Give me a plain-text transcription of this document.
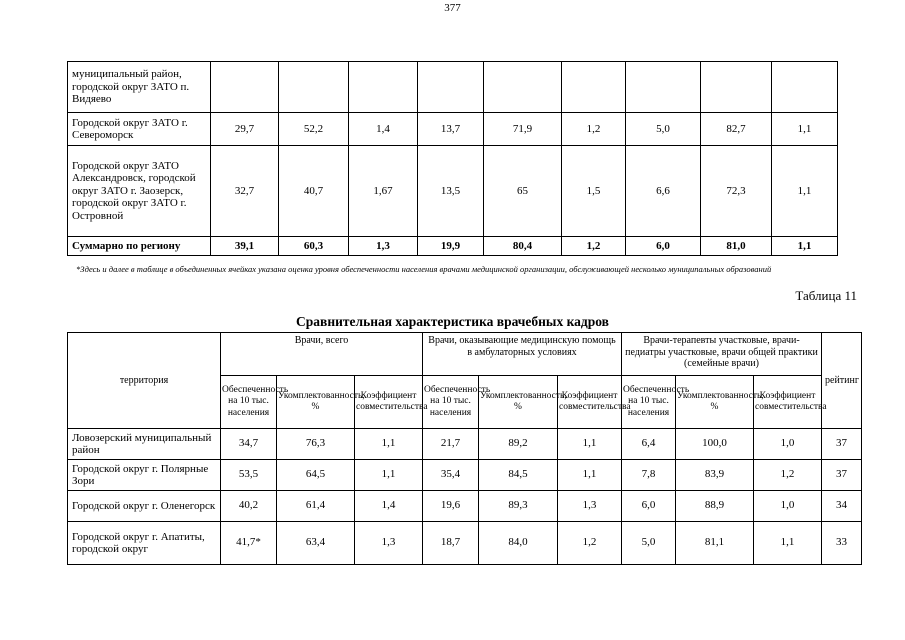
377
муниципальный район, городской округ ЗАТО п. Видяево									
Городской округ ЗАТО г. Североморск	29,7	52,2	1,4	13,7	71,9	1,2	5,0	82,7	1,1
Городской округ ЗАТО Александровск, городской округ ЗАТО г. Заозерск, городской округ ЗАТО г. Островной	32,7	40,7	1,67	13,5	65	1,5	6,6	72,3	1,1
Суммарно по региону	39,1	60,3	1,3	19,9	80,4	1,2	6,0	81,0	1,1
*Здесь и далее в таблице в объединенных ячейках указана оценка уровня обеспеченности населения врачами медицинской организации, обслуживающей несколько муниципальных образований
Таблица 11
Сравнительная характеристика врачебных кадров
территория	Врачи, всего			Врачи, оказывающие медицинскую помощь в амбулаторных условиях			Врачи-терапевты участковые, врачи-педиатры участковые, врачи общей практики (семейные врачи)			рейтинг
	Обеспеченность на 10 тыс. населения	Укомплектованность, %	Коэффициент совместительства	Обеспеченность на 10 тыс. населения	Укомплектованность, %	Коэффициент совместительства	Обеспеченность на 10 тыс. населения	Укомплектованность, %	Коэффициент совместительства	
Ловозерский муниципальный район	34,7	76,3	1,1	21,7	89,2	1,1	6,4	100,0	1,0	37
Городской округ г. Полярные Зори	53,5	64,5	1,1	35,4	84,5	1,1	7,8	83,9	1,2	37
Городской округ г. Оленегорск	40,2	61,4	1,4	19,6	89,3	1,3	6,0	88,9	1,0	34
Городской округ г. Апатиты, городской округ	41,7*	63,4	1,3	18,7	84,0	1,2	5,0	81,1	1,1	33
